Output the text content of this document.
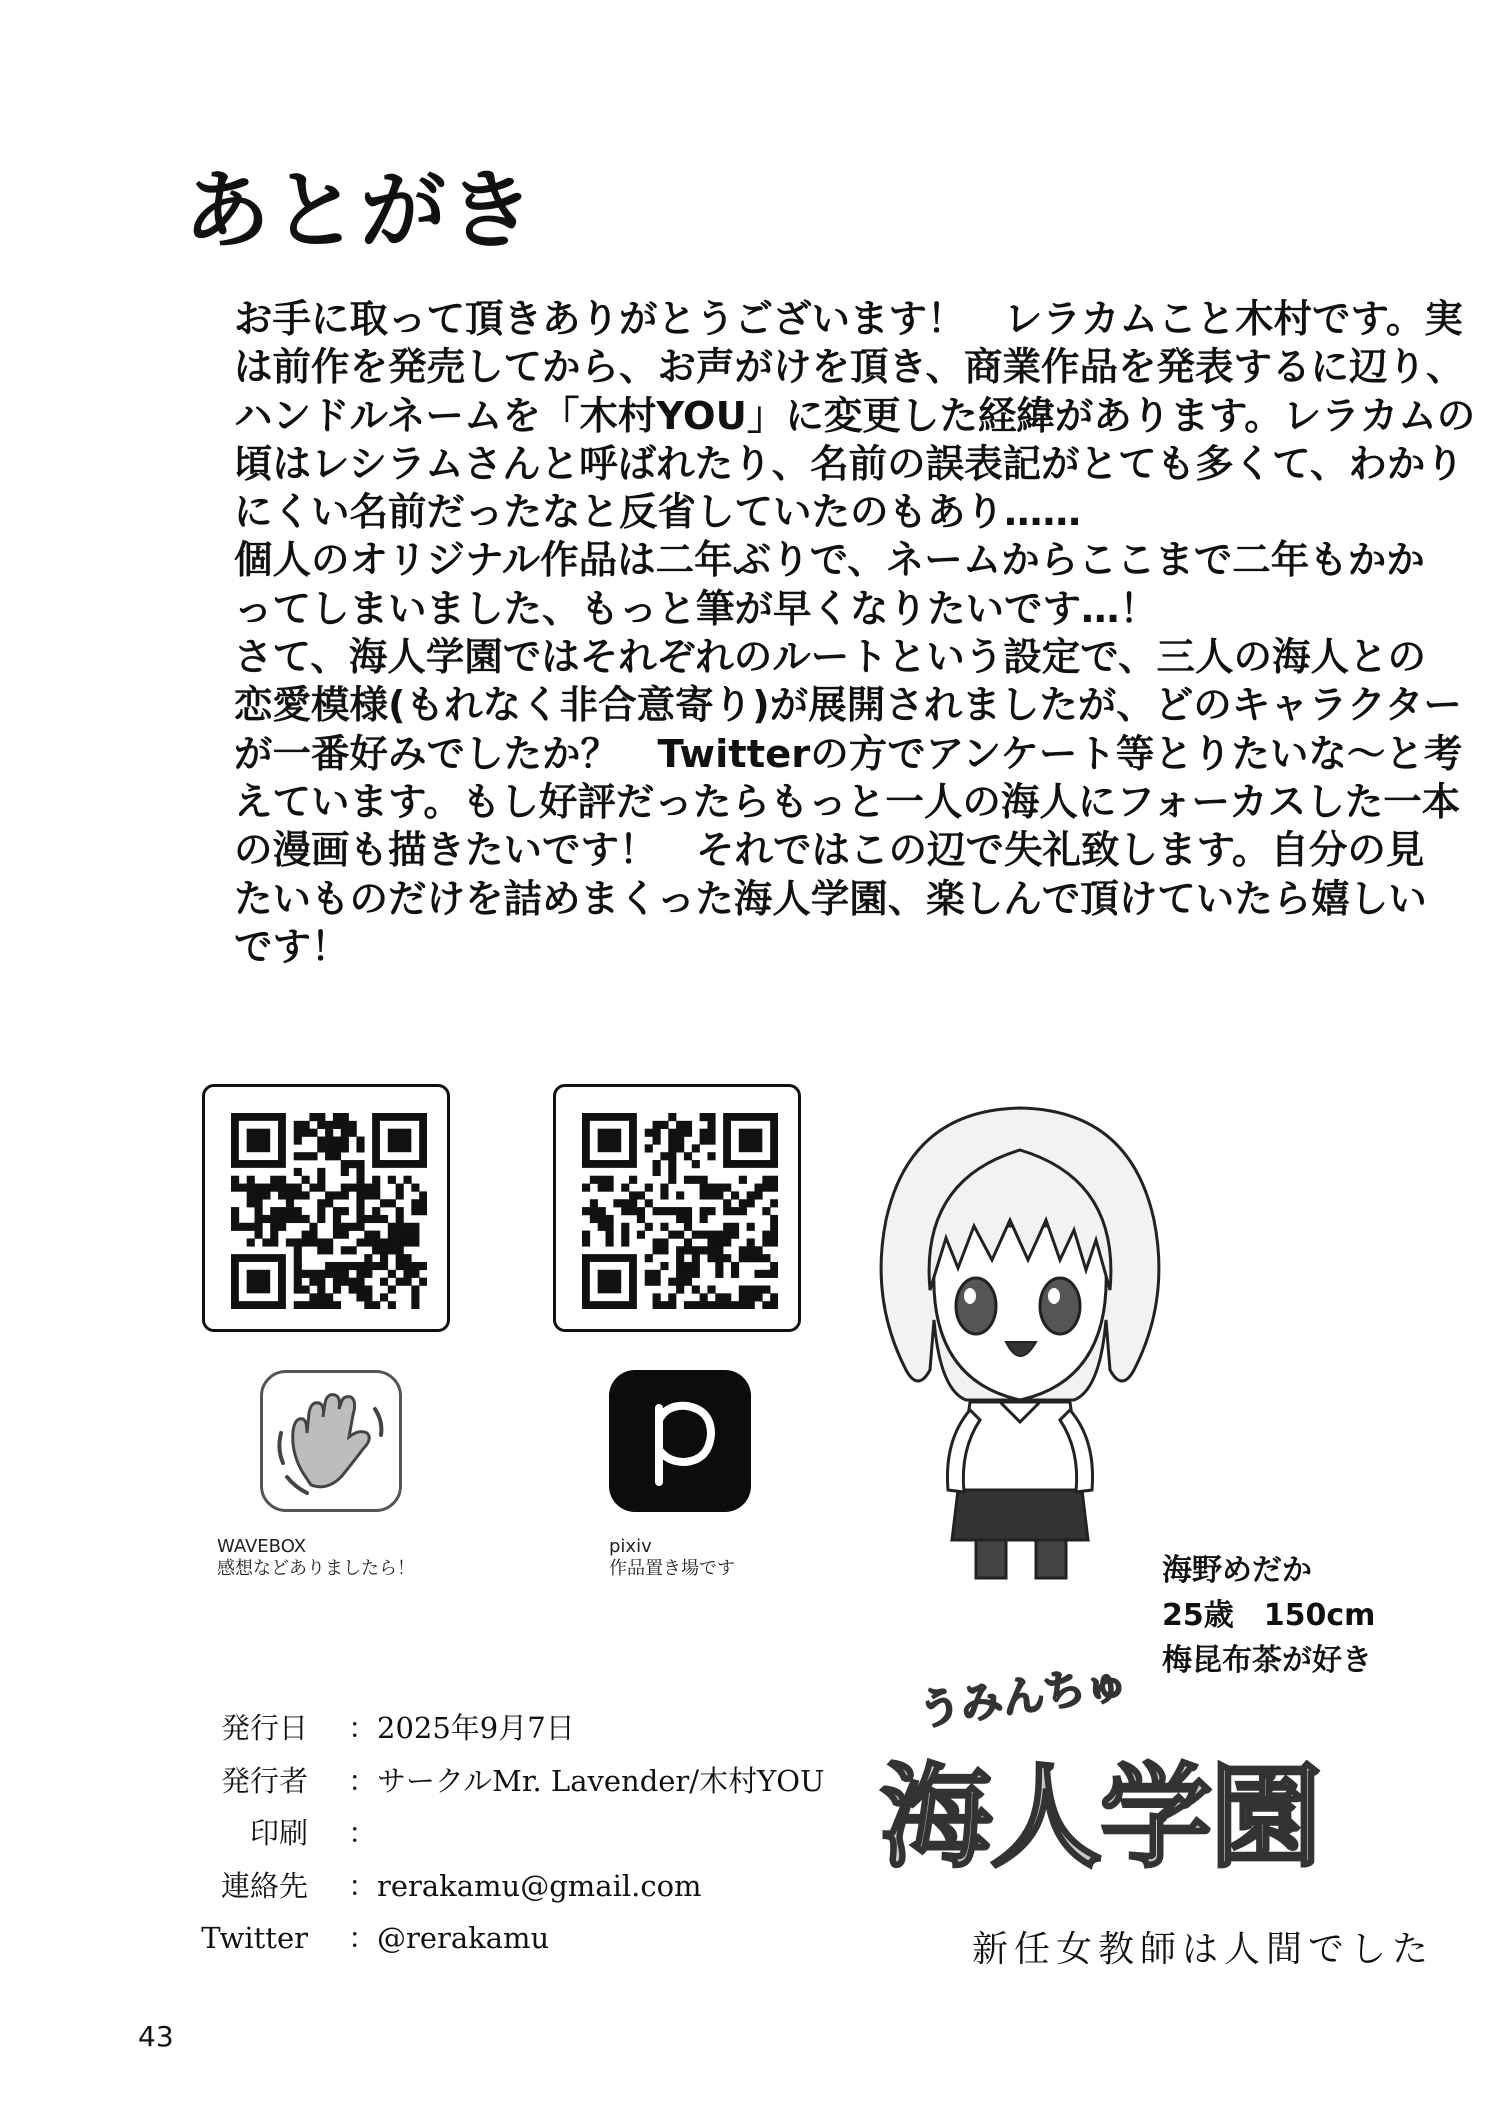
あとがき

お手に取って頂きありがとうございます！　レラカムこと木村です。実

は前作を発売してから、お声がけを頂き、商業作品を発表するに辺り、

ハンドルネームを「木村YOU」に変更した経緯があります。レラカムの

頃はレシラムさんと呼ばれたり、名前の誤表記がとても多くて、わかり

にくい名前だったなと反省していたのもあり……

個人のオリジナル作品は二年ぶりで、ネームからここまで二年もかか

ってしまいました、もっと筆が早くなりたいです…！

さて、海人学園ではそれぞれのルートという設定で、三人の海人との

恋愛模様(もれなく非合意寄り)が展開されましたが、どのキャラクター

が一番好みでしたか？　Twitterの方でアンケート等とりたいな～と考

えています。もし好評だったらもっと一人の海人にフォーカスした一本

の漫画も描きたいです！　それではこの辺で失礼致します。自分の見

たいものだけを詰めまくった海人学園、楽しんで頂けていたら嬉しい

です！

WAVEBOX
感想などありましたら！
pixiv
作品置き場です	海野めだか
25歳　150cm
梅昆布茶が好き
発行日	：2025年9月7日
発行者	：サークルMr. Lavender/木村YOU
印刷	：
連絡先	：rerakamu@gmail.com
Twitter	：@rerakamu
うみんちゅ
海人学園
新任女教師は人間でした
43
